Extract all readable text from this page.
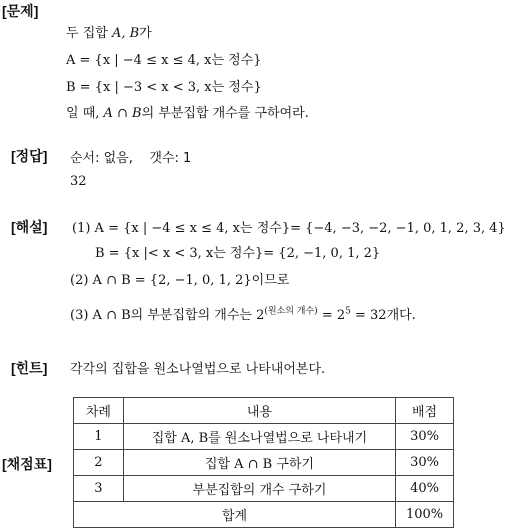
[문제]
두 집합 A, B가
A = {x | −4 ≤ x ≤ 4, x는 정수}
B = {x | −3 < x < 3, x는 정수}
일 때, A ∩ B의 부분집합 개수를 구하여라.
[정답] 순서: 없음,    갯수: 1
32
[해설] (1) A = {x | −4 ≤ x ≤ 4, x는 정수}= {−4, −3, −2, −1, 0, 1, 2, 3, 4}
B = {x |< x < 3, x는 정수}= {2, −1, 0, 1, 2}
(2) A ∩ B = {2, −1, 0, 1, 2}이므로
(3) A ∩ B의 부분집합의 개수는 $2^{(원소의 개수)} = 2^5 = 32$개다.
[힌트] 각각의 집합을 원소나열법으로 나타내어본다.
[채점표]
차례	내용	배점
1	집합 A, B를 원소나열법으로 나타내기	30%
2	집합 A ∩ B 구하기	30%
3	부분집합의 개수 구하기	40%
합계		100%
